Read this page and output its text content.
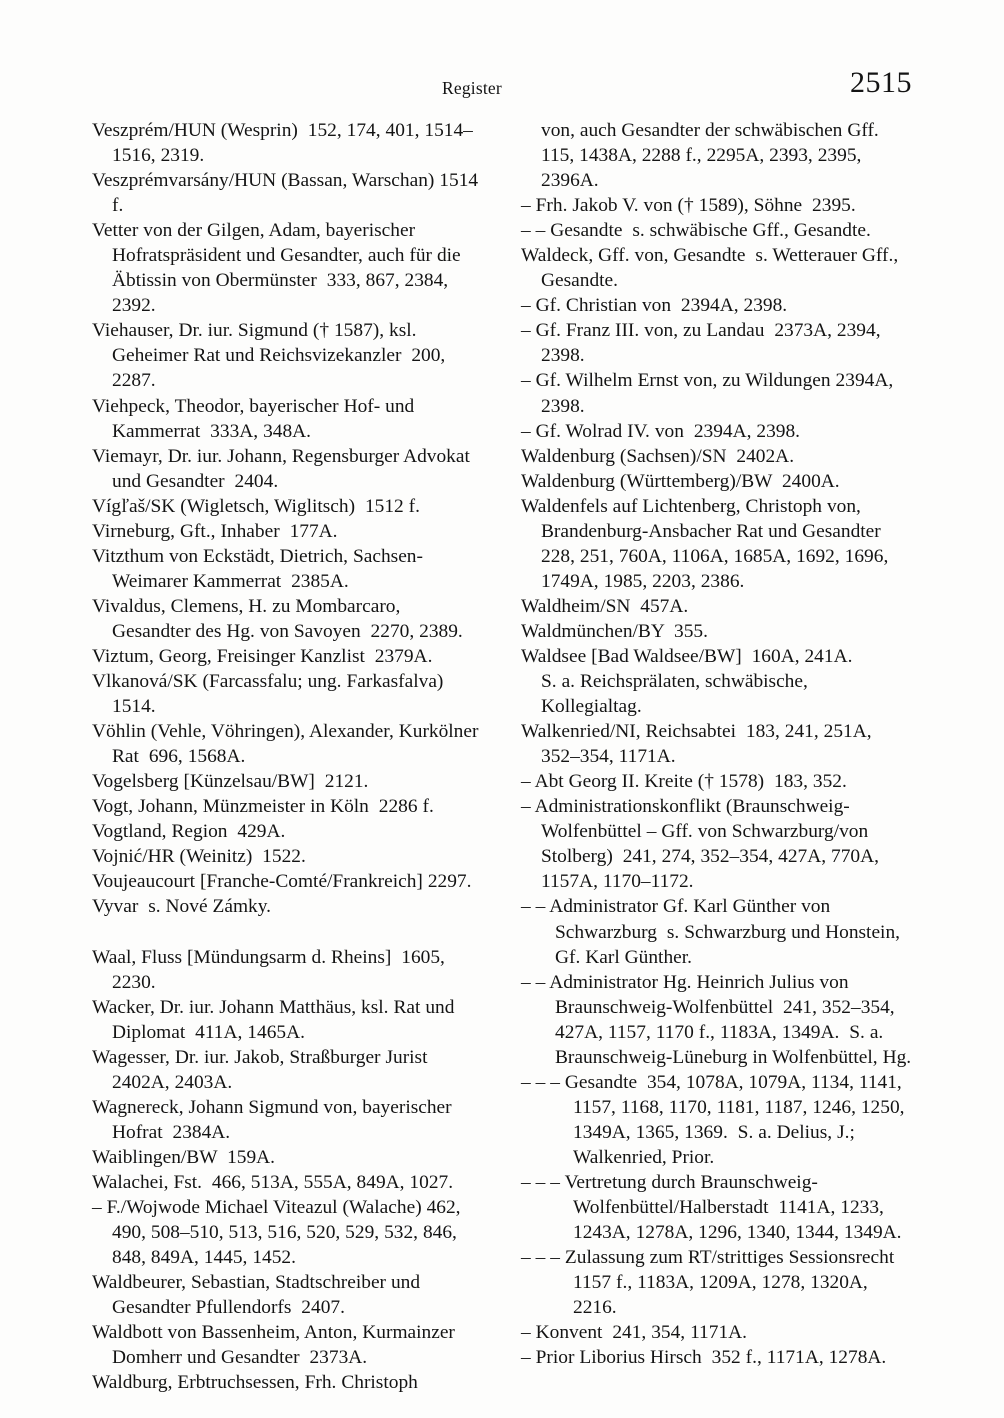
Register	2515

Veszprém/HUN (Wesprin)  152, 174, 401, 1514–1516, 2319.

Veszprémvarsány/HUN (Bassan, Warschan) 1514 f.

Vetter von der Gilgen, Adam, bayerischer Hofratspräsident und Gesandter, auch für die Äbtissin von Obermünster  333, 867, 2384, 2392.

Viehauser, Dr. iur. Sigmund († 1587), ksl. Geheimer Rat und Reichsvizekanzler  200, 2287.

Viehpeck, Theodor, bayerischer Hof- und Kammerrat  333A, 348A.

Viemayr, Dr. iur. Johann, Regensburger Advokat und Gesandter  2404.

Vígľaš/SK (Wigletsch, Wiglitsch)  1512 f.

Virneburg, Gft., Inhaber  177A.

Vitzthum von Eckstädt, Dietrich, Sachsen-Weimarer Kammerrat  2385A.

Vivaldus, Clemens, H. zu Mombarcaro, Gesandter des Hg. von Savoyen  2270, 2389.

Viztum, Georg, Freisinger Kanzlist  2379A.

Vlkanová/SK (Farcassfalu; ung. Farkasfalva) 1514.

Vöhlin (Vehle, Vöhringen), Alexander, Kurkölner Rat  696, 1568A.

Vogelsberg [Künzelsau/BW]  2121.

Vogt, Johann, Münzmeister in Köln  2286 f.

Vogtland, Region  429A.

Vojnić/HR (Weinitz)  1522.

Voujeaucourt [Franche-Comté/Frankreich] 2297.

Vyvar  s. Nové Zámky.

Waal, Fluss [Mündungsarm d. Rheins]  1605, 2230.

Wacker, Dr. iur. Johann Matthäus, ksl. Rat und Diplomat  411A, 1465A.

Wagesser, Dr. iur. Jakob, Straßburger Jurist 2402A, 2403A.

Wagnereck, Johann Sigmund von, bayerischer Hofrat  2384A.

Waiblingen/BW  159A.

Walachei, Fst.  466, 513A, 555A, 849A, 1027.

– F./Wojwode Michael Viteazul (Walache) 462, 490, 508–510, 513, 516, 520, 529, 532, 846, 848, 849A, 1445, 1452.

Waldbeurer, Sebastian, Stadtschreiber und Gesandter Pfullendorfs  2407.

Waldbott von Bassenheim, Anton, Kurmainzer Domherr und Gesandter  2373A.

Waldburg, Erbtruchsessen, Frh. Christoph

von, auch Gesandter der schwäbischen Gff.  115, 1438A, 2288 f., 2295A, 2393, 2395, 2396A.

– Frh. Jakob V. von († 1589), Söhne  2395.

– – Gesandte  s. schwäbische Gff., Gesandte.

Waldeck, Gff. von, Gesandte  s. Wetterauer Gff., Gesandte.

– Gf. Christian von  2394A, 2398.

– Gf. Franz III. von, zu Landau  2373A, 2394, 2398.

– Gf. Wilhelm Ernst von, zu Wildungen 2394A, 2398.

– Gf. Wolrad IV. von  2394A, 2398.

Waldenburg (Sachsen)/SN  2402A.

Waldenburg (Württemberg)/BW  2400A.

Waldenfels auf Lichtenberg, Christoph von, Brandenburg-Ansbacher Rat und Gesandter 228, 251, 760A, 1106A, 1685A, 1692, 1696, 1749A, 1985, 2203, 2386.

Waldheim/SN  457A.

Waldmünchen/BY  355.

Waldsee [Bad Waldsee/BW]  160A, 241A.

S. a. Reichsprälaten, schwäbische, Kollegialtag.

Walkenried/NI, Reichsabtei  183, 241, 251A, 352–354, 1171A.

– Abt Georg II. Kreite († 1578)  183, 352.

– Administrationskonflikt (Braunschweig-Wolfenbüttel – Gff. von Schwarzburg/von Stolberg)  241, 274, 352–354, 427A, 770A, 1157A, 1170–1172.

– – Administrator Gf. Karl Günther von Schwarzburg  s. Schwarzburg und Honstein, Gf. Karl Günther.

– – Administrator Hg. Heinrich Julius von Braunschweig-Wolfenbüttel  241, 352–354, 427A, 1157, 1170 f., 1183A, 1349A.  S. a. Braunschweig-Lüneburg in Wolfenbüttel, Hg.

– – – Gesandte  354, 1078A, 1079A, 1134, 1141, 1157, 1168, 1170, 1181, 1187, 1246, 1250, 1349A, 1365, 1369.  S. a. Delius, J.; Walkenried, Prior.

– – – Vertretung durch Braunschweig-Wolfenbüttel/Halberstadt  1141A, 1233, 1243A, 1278A, 1296, 1340, 1344, 1349A.

– – – Zulassung zum RT/strittiges Sessionsrecht  1157 f., 1183A, 1209A, 1278, 1320A, 2216.

– Konvent  241, 354, 1171A.

– Prior Liborius Hirsch  352 f., 1171A, 1278A.
